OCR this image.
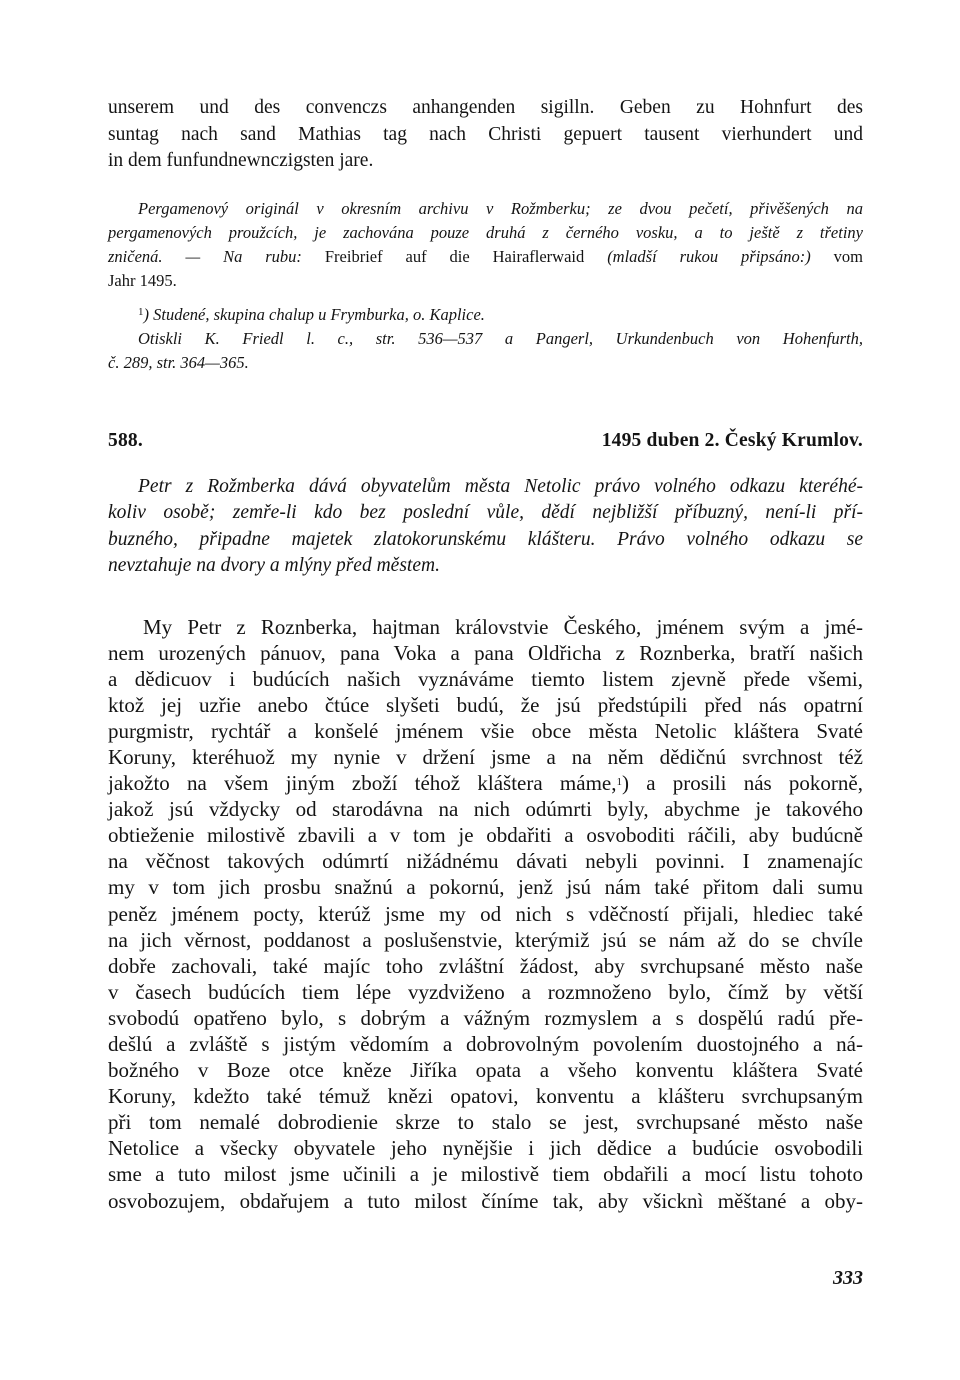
unserem und des convenczs anhangenden sigilln. Geben zu Hohnfurt des
suntag nach sand Mathias tag nach Christi gepuert tausent vierhundert und
in dem funfundnewnczigsten jare.

Pergamenový originál v okresním archivu v Rožmberku; ze dvou pečetí, přivěšených na

pergamenových proužcích, je zachována pouze druhá z černého vosku, a to ještě z třetiny

zničená. — Na rubu: Freibrief auf die Hairaflerwaid (mladší rukou připsáno:) vom

Jahr 1495.

$^1$) Studené, skupina chalup u Frymburka, o. Kaplice.

Otiskli K. Friedl l. c., str. 536—537 a Pangerl, Urkundenbuch von Hohenfurth,

č. 289, str. 364—365.

588.	1495 duben 2. Český Krumlov.
Petr z Rožmberka dává obyvatelům města Netolic právo volného odkazu kteréhé-
koliv osobě; zemře-li kdo bez poslední vůle, dědí nejbližší příbuzný, není-li pří-
buzného, připadne majetek zlatokorunskému klášteru. Právo volného odkazu se
nevztahuje na dvory a mlýny před městem.
My Petr z Roznberka, hajtman královstvie Českého, jménem svým a jmé-
nem urozených pánuov, pana Voka a pana Oldřicha z Roznberka, bratří našich
a dědicuov i budúcích našich vyznáváme tiemto listem zjevně přede všemi,
ktož jej uzřie anebo čtúce slyšeti budú, že jsú předstúpili před nás opatrní
purgmistr, rychtář a konšelé jménem všie obce města Netolic kláštera Svaté
Koruny, kteréhuož my nynie v držení jsme a na něm dědičnú svrchnost též
jakožto na všem jiným zboží téhož kláštera máme,$^1$) a prosili nás pokorně,
jakož jsú vždycky od starodávna na nich odúmrti byly, abychme je takového
obtieženie milostivě zbavili a v tom je obdařiti a osvoboditi ráčili, aby budúcně
na věčnost takových odúmrtí nižádnému dávati nebyli povinni. I znamenajíc
my v tom jich prosbu snažnú a pokornú, jenž jsú nám také přitom dali sumu
peněz jménem pocty, kterúž jsme my od nich s vděčností přijali, hlediec také
na jich věrnost, poddanost a poslušenstvie, kterýmiž jsú se nám až do se chvíle
dobře zachovali, také majíc toho zvláštní žádost, aby svrchupsané město naše
v časech budúcích tiem lépe vyzdviženo a rozmnoženo bylo, čímž by větší
svobodú opatřeno bylo, s dobrým a vážným rozmyslem a s dospělú radú pře-
dešlú a zvláště s jistým vědomím a dobrovolným povolením duostojného a ná-
božného v Boze otce kněze Jiříka opata a všeho konventu kláštera Svaté
Koruny, kdežto také témuž knězi opatovi, konventu a klášteru svrchupsaným
při tom nemalé dobrodienie skrze to stalo se jest, svrchupsané město naše
Netolice a všecky obyvatele jeho nynějšie i jich dědice a budúcie osvobodili
sme a tuto milost jsme učinili a je milostivě tiem obdařili a mocí listu tohoto
osvobozujem, obdařujem a tuto milost číníme tak, aby všicknì měštané a oby-
333
